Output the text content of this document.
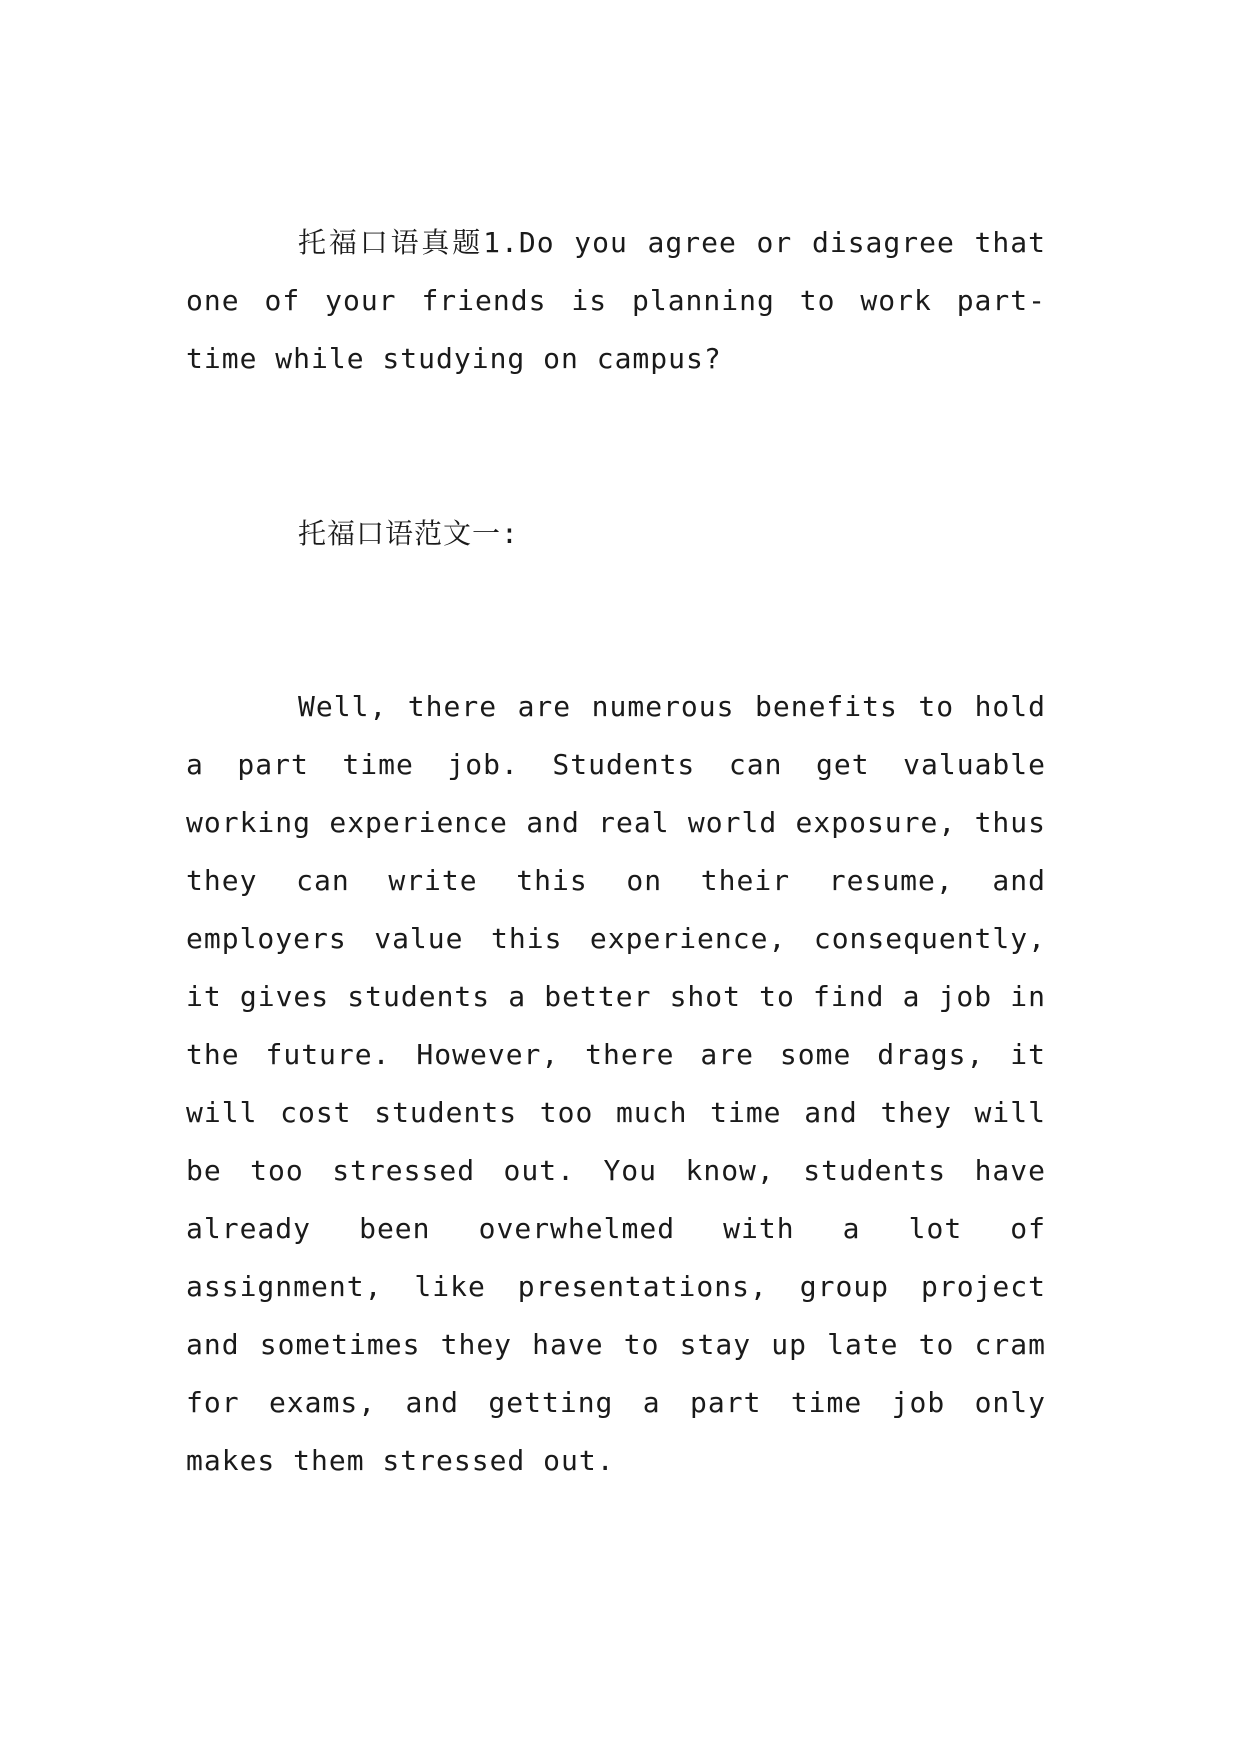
托福口语真题1.Do you agree or disagree that one of your friends is planning to work part-time while studying on campus?

托福口语范文一:

Well, there are numerous benefits to hold a part time job. Students can get valuable working experience and real world exposure, thus they can write this on their resume, and employers value this experience, consequently, it gives students a better shot to find a job in the future. However, there are some drags, it will cost students too much time and they will be too stressed out. You know, students have already been overwhelmed with a lot of assignment, like presentations, group project and sometimes they have to stay up late to cram for exams, and getting a part time job only makes them stressed out.
